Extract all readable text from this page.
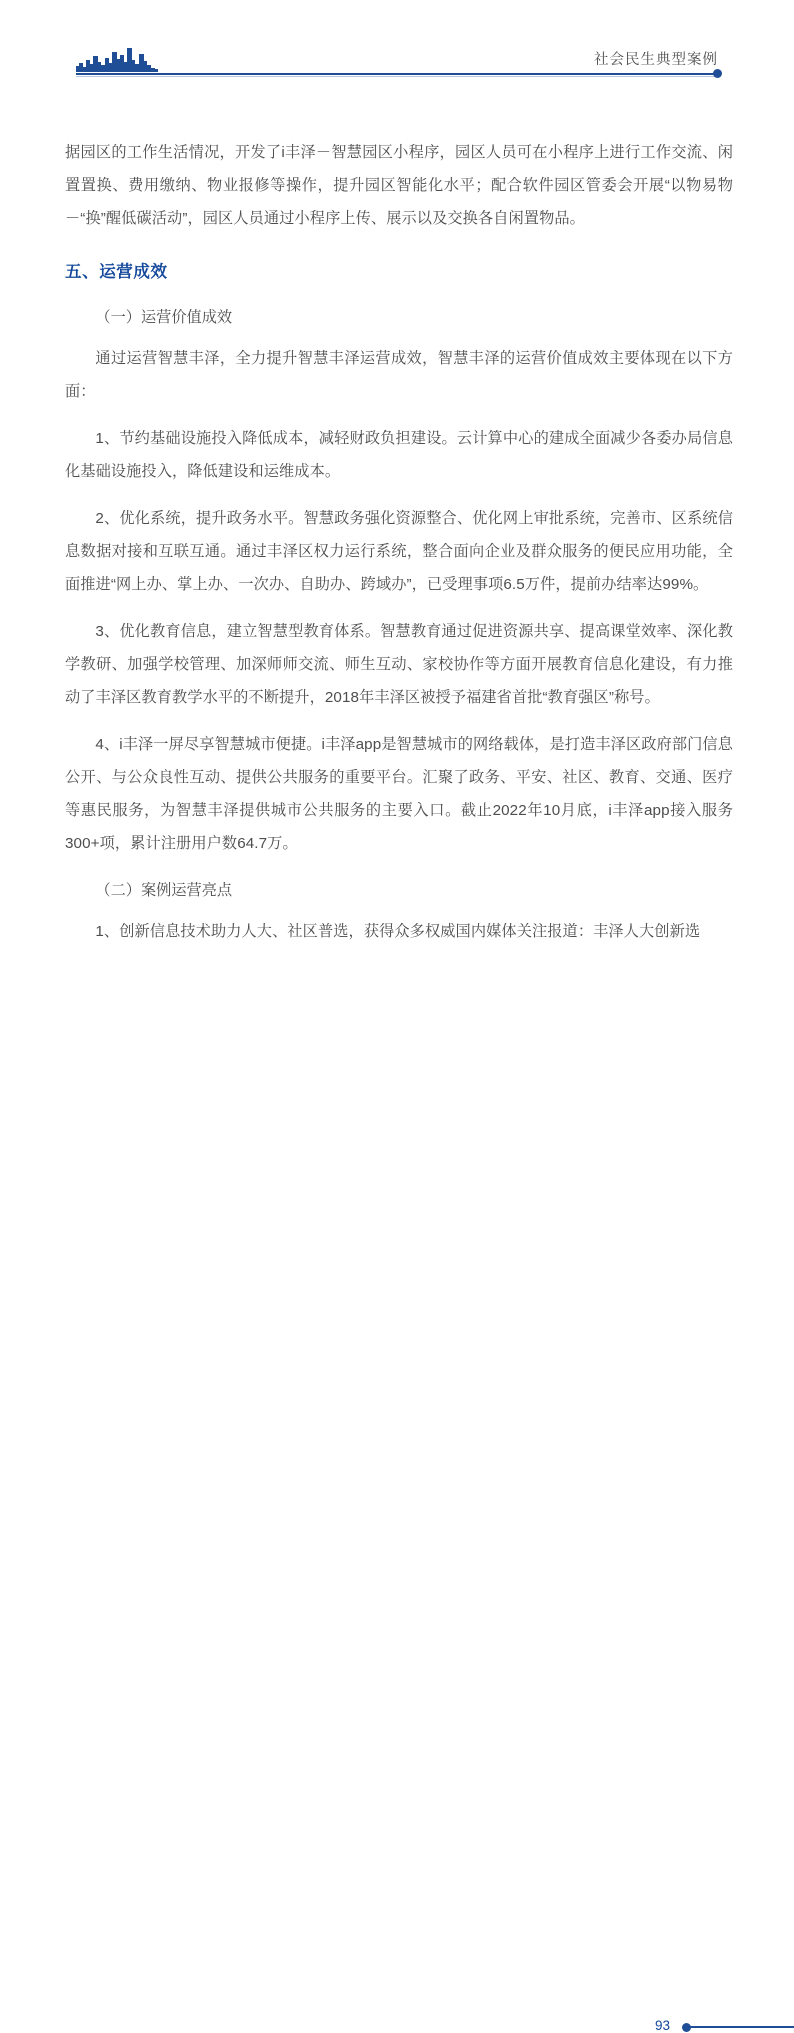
社会民生典型案例

据园区的工作生活情况，开发了i丰泽－智慧园区小程序，园区人员可在小程序上进行工作交流、闲置置换、费用缴纳、物业报修等操作，提升园区智能化水平；配合软件园区管委会开展“以物易物－“换”醒低碳活动”，园区人员通过小程序上传、展示以及交换各自闲置物品。

五、运营成效
（一）运营价值成效

通过运营智慧丰泽，全力提升智慧丰泽运营成效，智慧丰泽的运营价值成效主要体现在以下方面：

1、节约基础设施投入降低成本，减轻财政负担建设。云计算中心的建成全面减少各委办局信息化基础设施投入，降低建设和运维成本。

2、优化系统，提升政务水平。智慧政务强化资源整合、优化网上审批系统，完善市、区系统信息数据对接和互联互通。通过丰泽区权力运行系统，整合面向企业及群众服务的便民应用功能，全面推进“网上办、掌上办、一次办、自助办、跨域办”，已受理事项6.5万件，提前办结率达99%。

3、优化教育信息，建立智慧型教育体系。智慧教育通过促进资源共享、提高课堂效率、深化教学教研、加强学校管理、加深师师交流、师生互动、家校协作等方面开展教育信息化建设，有力推动了丰泽区教育教学水平的不断提升，2018年丰泽区被授予福建省首批“教育强区”称号。

4、i丰泽一屏尽享智慧城市便捷。i丰泽app是智慧城市的网络载体，是打造丰泽区政府部门信息公开、与公众良性互动、提供公共服务的重要平台。汇聚了政务、平安、社区、教育、交通、医疗等惠民服务，为智慧丰泽提供城市公共服务的主要入口。截止2022年10月底，i丰泽app接入服务300+项，累计注册用户数64.7万。

（二）案例运营亮点

1、创新信息技术助力人大、社区普选，获得众多权威国内媒体关注报道：丰泽人大创新选

93
